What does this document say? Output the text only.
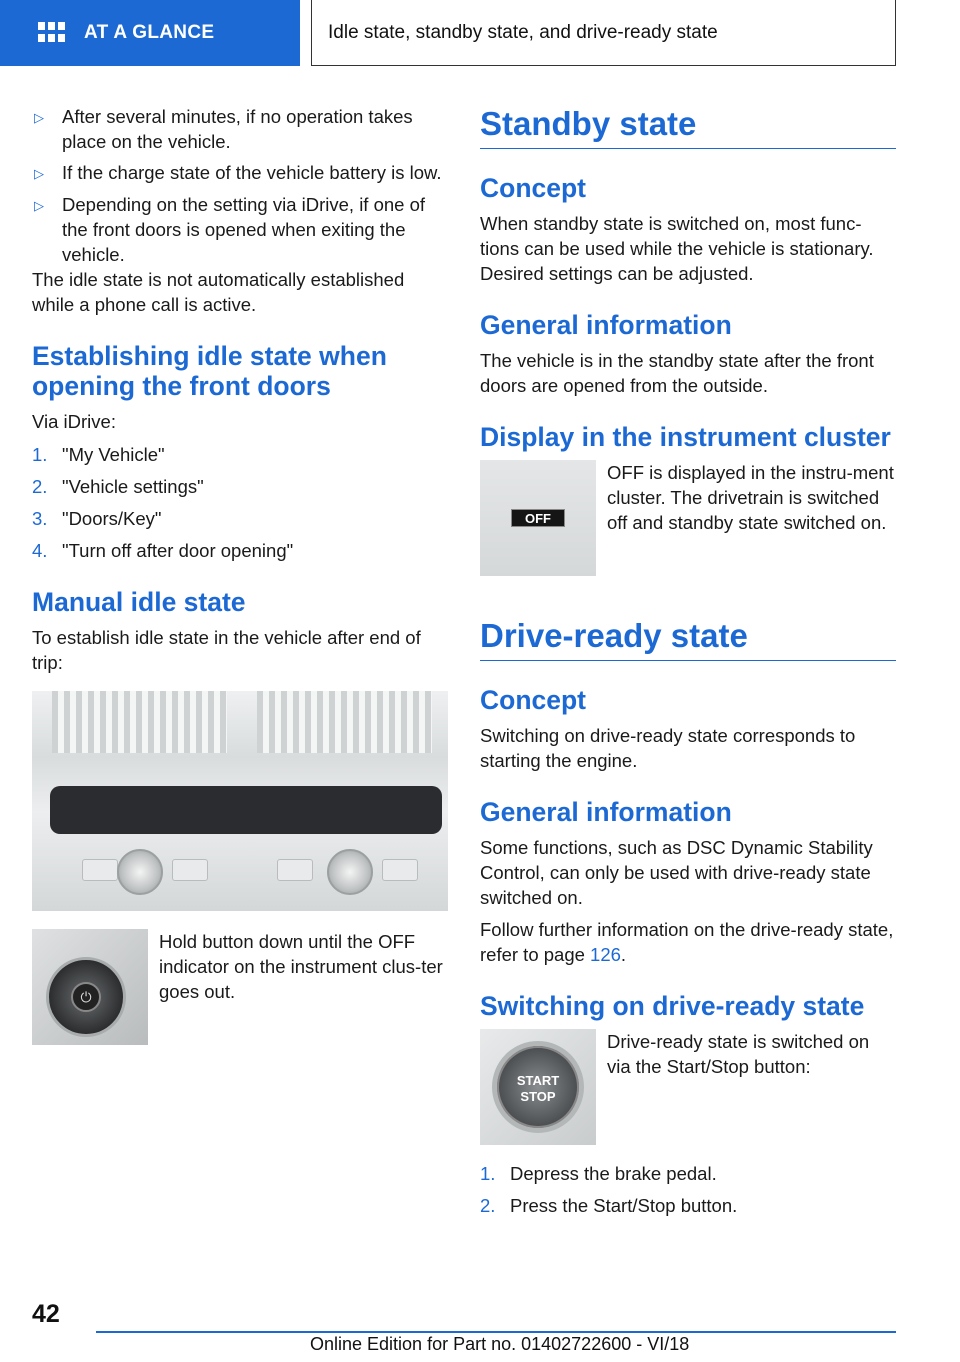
AT A GLANCE	Idle state, standby state, and drive-ready state
▷ After several minutes, if no operation takes place on the vehicle.
▷ If the charge state of the vehicle battery is low.
▷ Depending on the setting via iDrive, if one of the front doors is opened when exiting the vehicle.

The idle state is not automatically established while a phone call is active.

Establishing idle state when opening the front doors

Via iDrive:

1. "My Vehicle"
2. "Vehicle settings"
3. "Doors/Key"
4. "Turn off after door opening"
Manual idle state

To establish idle state in the vehicle after end of trip:

⏻
Hold button down until the OFF indicator on the instrument clus‐ter goes out.
Standby state
Concept

When standby state is switched on, most func‐tions can be used while the vehicle is stationary. Desired settings can be adjusted.

General information

The vehicle is in the standby state after the front doors are opened from the outside.

Display in the instrument cluster
OFF
OFF is displayed in the instru‐ment cluster. The drivetrain is switched off and standby state switched on.
Drive-ready state
Concept

Switching on drive-ready state corresponds to starting the engine.

General information

Some functions, such as DSC Dynamic Stability Control, can only be used with drive-ready state switched on.

Follow further information on the drive-ready state, refer to page 126.

Switching on drive-ready state
START
STOP
Drive-ready state is switched on via the Start/Stop button:
1. Depress the brake pedal.
2. Press the Start/Stop button.
42
Online Edition for Part no. 01402722600 - VI/18
